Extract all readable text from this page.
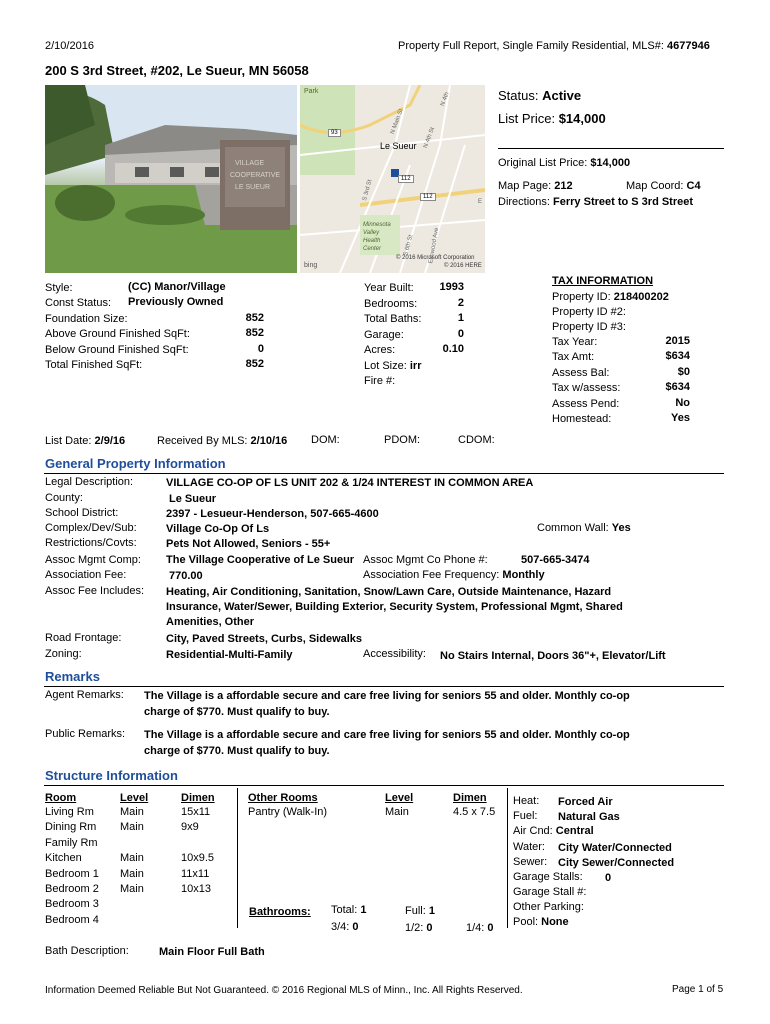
2/10/2016	Property Full Report, Single Family Residential, MLS#: 4677946
200 S 3rd Street, #202, Le Sueur, MN 56058
VILLAGE
COOPERATIVE
LE SUEUR
Park
93
Le Sueur
112
112
E
Minnesota
Valley
Health
Center
S 3rd St
S 6th St Elmwood Ave
N 4th St
N 4th
N Main St
© 2016 Microsoft Corporation
© 2016 HERE
bing
Status: Active
List Price: $14,000
Original List Price: $14,000
Map Page: 212	Map Coord: C4
Directions: Ferry Street to S 3rd Street
Style:	(CC) Manor/Village
Const Status: Previously Owned
Foundation Size:	852
Above Ground Finished SqFt:	852
Below Ground Finished SqFt:	0
Total Finished SqFt:	852
Year Built:	1993
Bedrooms:	2
Total Baths:	1
Garage:	0
Acres:	0.10
Lot Size: irr
Fire #:
TAX INFORMATION
Property ID: 218400202
Property ID #2:
Property ID #3:
Tax Year:	2015
Tax Amt:	$634
Assess Bal:	$0
Tax w/assess:	$634
Assess Pend:	No
Homestead:	Yes
List Date: 2/9/16	Received By MLS: 2/10/16 DOM:	PDOM:	CDOM:
General Property Information
Legal Description:	VILLAGE CO-OP OF LS UNIT 202 & 1/24 INTEREST IN COMMON AREA
County:	Le Sueur
School District:	2397 - Lesueur-Henderson, 507-665-4600
Complex/Dev/Sub:	Village Co-Op Of Ls	Common Wall: Yes
Restrictions/Covts:	Pets Not Allowed, Seniors - 55+
Assoc Mgmt Comp: The Village Cooperative of Le Sueur Assoc Mgmt Co Phone #:	507-665-3474
Association Fee:	770.00	Association Fee Frequency: Monthly
Assoc Fee Includes: Heating, Air Conditioning, Sanitation, Snow/Lawn Care, Outside Maintenance, Hazard
Insurance, Water/Sewer, Building Exterior, Security System, Professional Mgmt, Shared
Amenities, Other
Road Frontage:	City, Paved Streets, Curbs, Sidewalks
Zoning:	Residential-Multi-Family	Accessibility: No Stairs Internal, Doors 36"+, Elevator/Lift
Remarks
Agent Remarks: The Village is a affordable secure and care free living for seniors 55 and older. Monthly co-op
charge of $770. Must qualify to buy.
Public Remarks: The Village is a affordable secure and care free living for seniors 55 and older. Monthly co-op
charge of $770. Must qualify to buy.
Structure Information
Room	Level	Dimen
Living Rm Main	15x11
Dining Rm Main	9x9
Family Rm
Kitchen	Main	10x9.5
Bedroom 1 Main	11x11
Bedroom 2 Main	10x13
Bedroom 3
Bedroom 4
Other Rooms	Level	Dimen
Pantry (Walk-In)	Main	4.5 x 7.5
Bathrooms: Total: 1	Full: 1
3/4: 0	1/2: 0	1/4: 0
Heat: Forced Air
Fuel: Natural Gas
Air Cnd: Central
Water: City Water/Connected
Sewer: City Sewer/Connected
Garage Stalls: 0
Garage Stall #:
Other Parking:
Pool: None
Bath Description:	Main Floor Full Bath
Information Deemed Reliable But Not Guaranteed. © 2016 Regional MLS of Minn., Inc. All Rights Reserved.	Page 1 of 5
